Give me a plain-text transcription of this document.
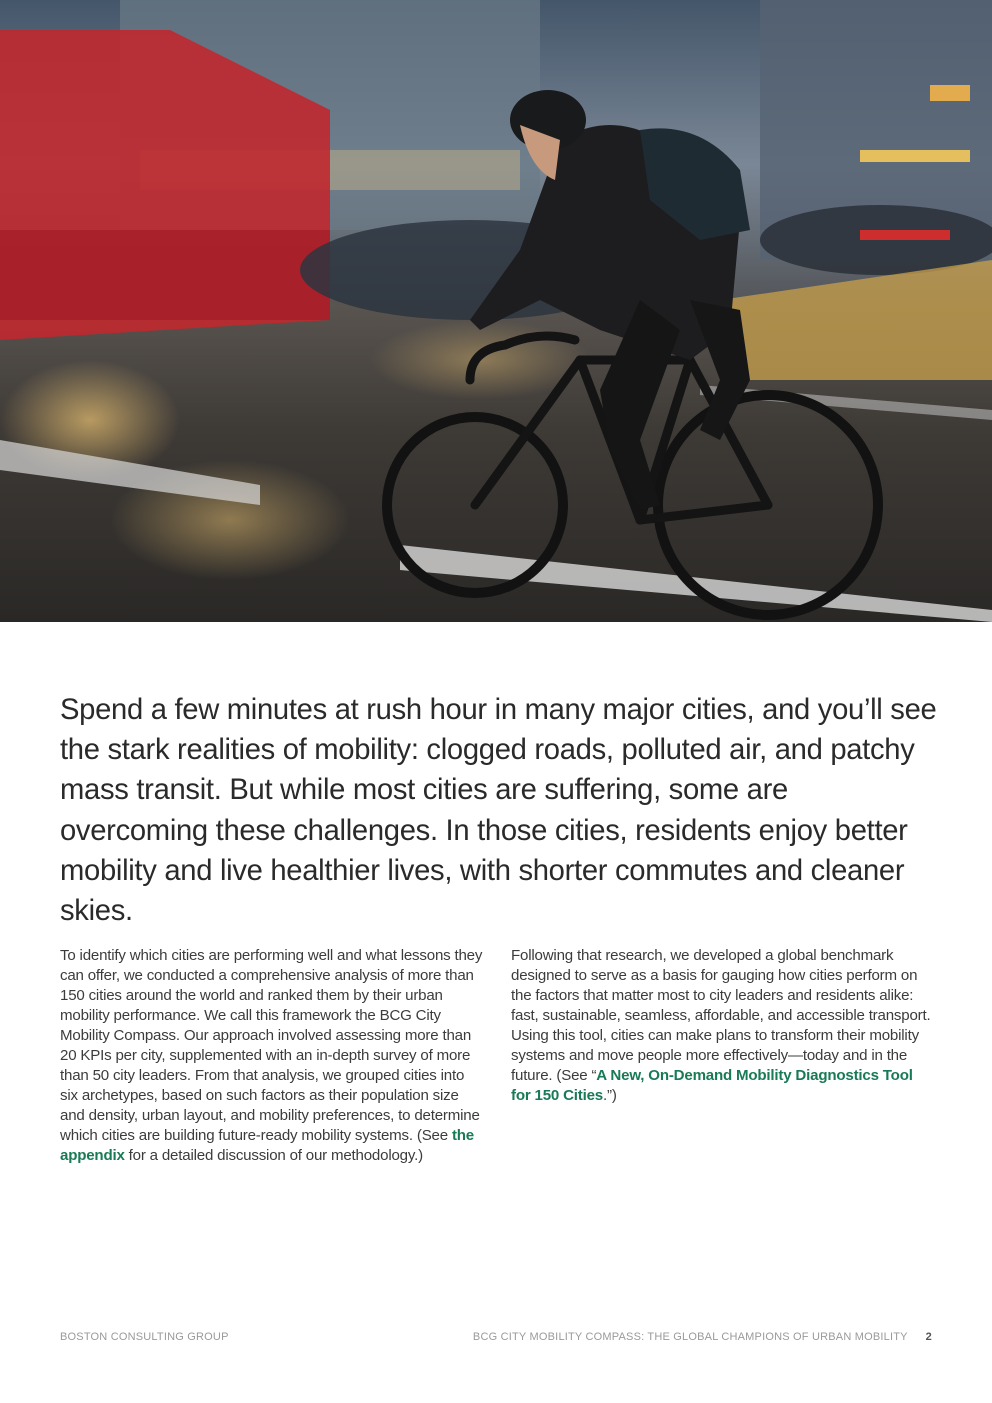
Spend a few minutes at rush hour in many major cities, and you’ll see the stark realities of mobility: clogged roads, polluted air, and patchy mass transit. But while most cities are suffering, some are overcoming these challenges. In those cities, residents enjoy better mobility and live healthier lives, with shorter commutes and cleaner skies.

To identify which cities are performing well and what lessons they can offer, we conducted a comprehensive analysis of more than 150 cities around the world and ranked them by their urban mobility performance. We call this framework the BCG City Mobility Compass. Our approach involved assessing more than 20 KPIs per city, supplemented with an in-depth survey of more than 50 city leaders. From that analysis, we grouped cities into six archetypes, based on such factors as their population size and density, urban layout, and mobility preferences, to determine which cities are building future-ready mobility systems. (See the appendix for a detailed discussion of our methodology.)

Following that research, we developed a global benchmark designed to serve as a basis for gauging how cities perform on the factors that matter most to city leaders and residents alike: fast, sustainable, seamless, affordable, and accessible transport. Using this tool, cities can make plans to transform their mobility systems and move people more effectively—today and in the future. (See “A New, On-Demand Mobility Diagnostics Tool for 150 Cities.”)

BOSTON CONSULTING GROUP	BCG CITY MOBILITY COMPASS: THE GLOBAL CHAMPIONS OF URBAN MOBILITY 2
